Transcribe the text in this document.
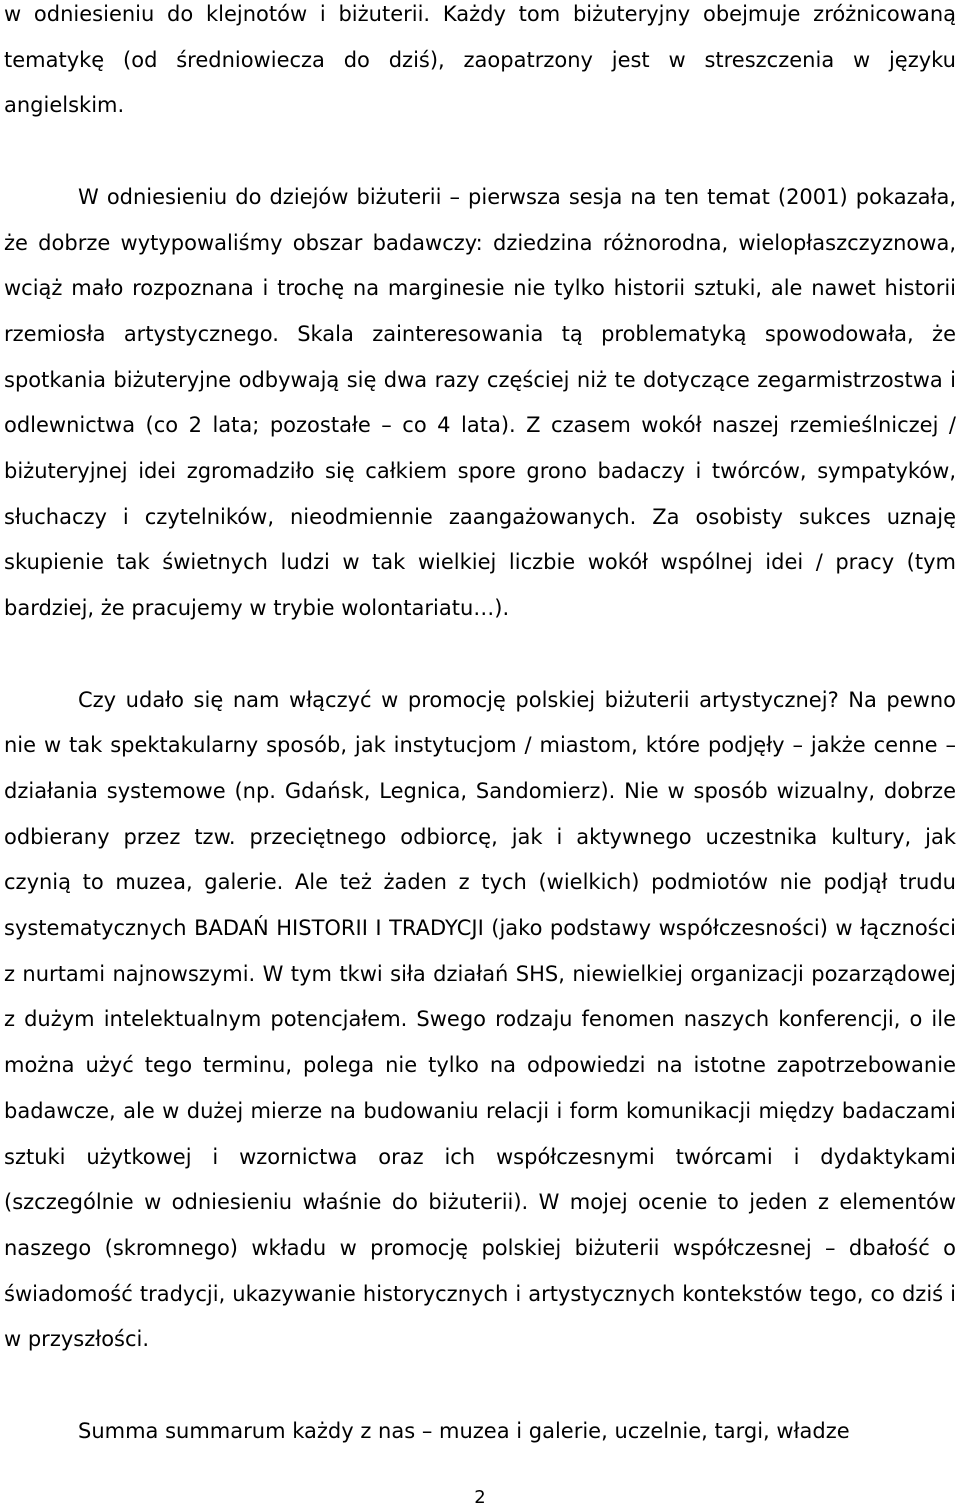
w odniesieniu do klejnotów i biżuterii. Każdy tom biżuteryjny obejmuje zróżnicowaną tematykę (od średniowiecza do dziś), zaopatrzony jest w streszczenia w języku angielskim.

W odniesieniu do dziejów biżuterii – pierwsza sesja na ten temat (2001) pokazała, że dobrze wytypowaliśmy obszar badawczy: dziedzina różnorodna, wielopłaszczyznowa, wciąż mało rozpoznana i trochę na marginesie nie tylko historii sztuki, ale nawet historii rzemiosła artystycznego. Skala zainteresowania tą problematyką spowodowała, że spotkania biżuteryjne odbywają się dwa razy częściej niż te dotyczące zegarmistrzostwa i odlewnictwa (co 2 lata; pozostałe – co 4 lata). Z czasem wokół naszej rzemieślniczej / biżuteryjnej idei zgromadziło się całkiem spore grono badaczy i twórców, sympatyków, słuchaczy i czytelników, nieodmiennie zaangażowanych. Za osobisty sukces uznaję skupienie tak świetnych ludzi w tak wielkiej liczbie wokół wspólnej idei / pracy (tym bardziej, że pracujemy w trybie wolontariatu…).

Czy udało się nam włączyć w promocję polskiej biżuterii artystycznej? Na pewno nie w tak spektakularny sposób, jak instytucjom / miastom, które podjęły – jakże cenne – działania systemowe (np. Gdańsk, Legnica, Sandomierz). Nie w sposób wizualny, dobrze odbierany przez tzw. przeciętnego odbiorcę, jak i aktywnego uczestnika kultury, jak czynią to muzea, galerie. Ale też żaden z tych (wielkich) podmiotów nie podjął trudu systematycznych BADAŃ HISTORII I TRADYCJI (jako podstawy współczesności) w łączności z nurtami najnowszymi. W tym tkwi siła działań SHS, niewielkiej organizacji pozarządowej z dużym intelektualnym potencjałem. Swego rodzaju fenomen naszych konferencji, o ile można użyć tego terminu, polega nie tylko na odpowiedzi na istotne zapotrzebowanie badawcze, ale w dużej mierze na budowaniu relacji i form komunikacji między badaczami sztuki użytkowej i wzornictwa oraz ich współczesnymi twórcami i dydaktykami (szczególnie w odniesieniu właśnie do biżuterii). W mojej ocenie to jeden z elementów naszego (skromnego) wkładu w promocję polskiej biżuterii współczesnej – dbałość o świadomość tradycji, ukazywanie historycznych i artystycznych kontekstów tego, co dziś i w przyszłości.

Summa summarum każdy z nas – muzea i galerie, uczelnie, targi, władze

2
